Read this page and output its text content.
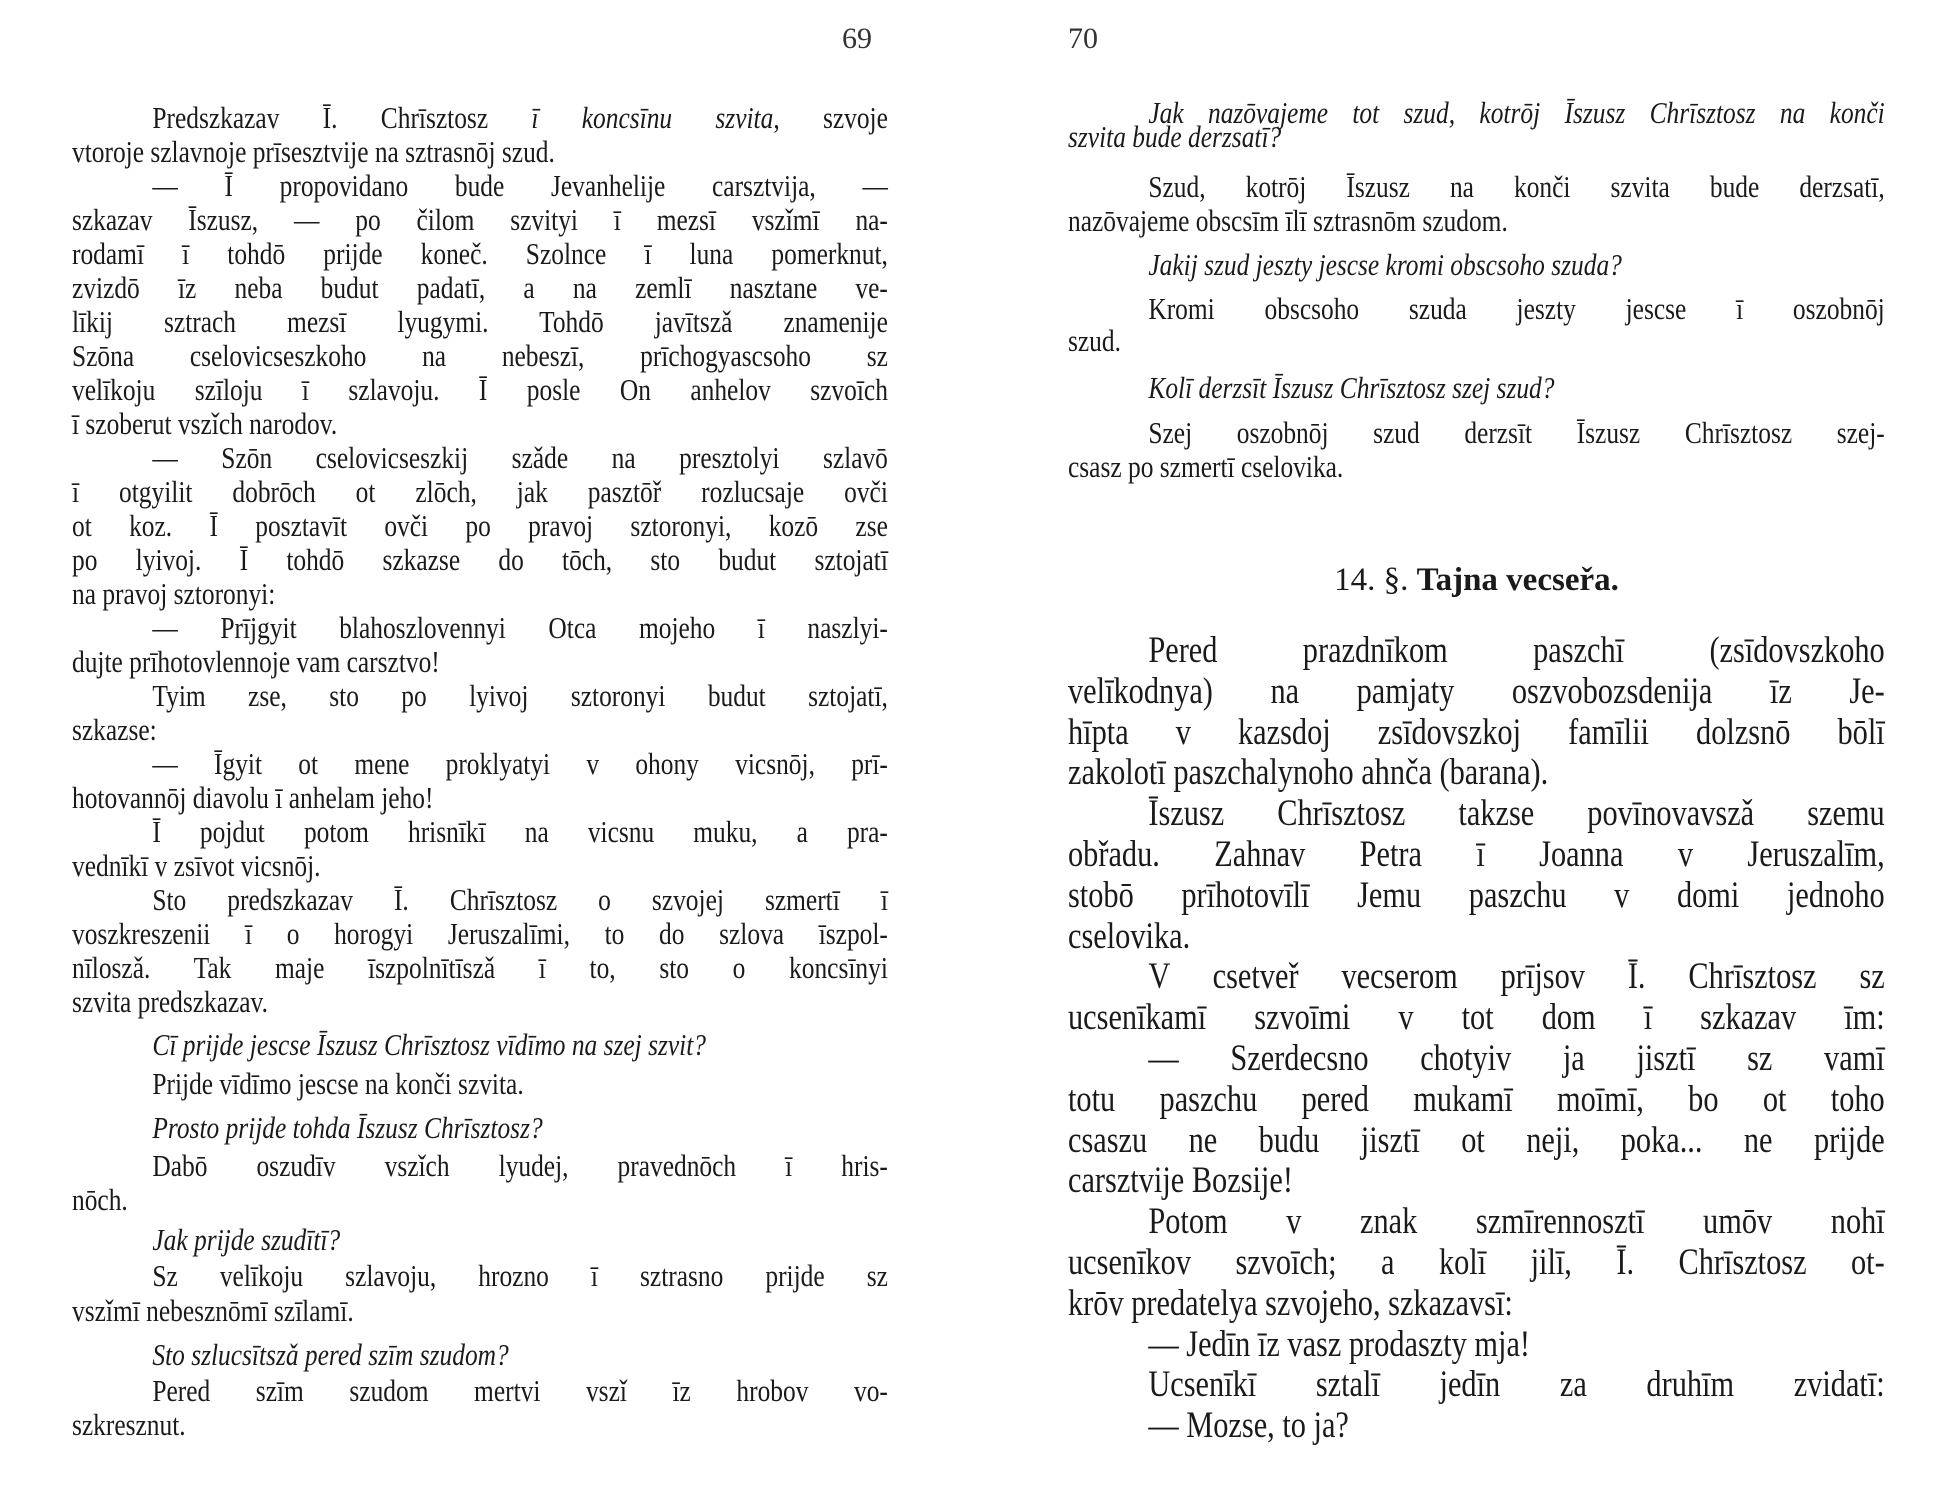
69
Predszkazav Ī. Chrīsztosz ī koncsīnu szvita, szvoje
vtoroje szlavnoje prīsesztvije na sztrasnōj szud.
— Ī propovidano bude Jevanhelije carsztvija, —
szkazav Īszusz, — po čilom szvityi ī mezsī vszǐmī na-
rodamī ī tohdō prijde koneč. Szolnce ī luna pomerknut,
zvizdō īz neba budut padatī, a na zemlī nasztane ve-
līkij sztrach mezsī lyugymi. Tohdō javītszǎ znamenije
Szōna cselovicseszkoho na nebeszī, prīchogyascsoho sz
velīkoju szīloju ī szlavoju. Ī posle On anhelov szvoīch
ī szoberut vszǐch narodov.
— Szōn cselovicseszkij szǎde na presztolyi szlavō
ī otgyilit dobrōch ot zlōch, jak pasztōř rozlucsaje ovči
ot koz. Ī posztavīt ovči po pravoj sztoronyi, kozō zse
po lyivoj. Ī tohdō szkazse do tōch, sto budut sztojatī
na pravoj sztoronyi:
— Prījgyit blahoszlovennyi Otca mojeho ī naszlyi-
dujte prīhotovlennoje vam carsztvo!
Tyim zse, sto po lyivoj sztoronyi budut sztojatī,
szkazse:
— Īgyit ot mene proklyatyi v ohony vicsnōj, prī-
hotovannōj diavolu ī anhelam jeho!
Ī pojdut potom hrisnīkī na vicsnu muku, a pra-
vednīkī v zsīvot vicsnōj.
Sto predszkazav Ī. Chrīsztosz o szvojej szmertī ī
voszkreszenii ī o horogyi Jeruszalīmi, to do szlova īszpol-
nīloszǎ. Tak maje īszpolnītīszǎ ī to, sto o koncsīnyi
szvita predszkazav.
Cī prijde jescse Īszusz Chrīsztosz vīdīmo na szej szvit?
Prijde vīdīmo jescse na konči szvita.
Prosto prijde tohda Īszusz Chrīsztosz?
Dabō oszudīv vszǐch lyudej, pravednōch ī hris-
nōch.
Jak prijde szudītī?
Sz velīkoju szlavoju, hrozno ī sztrasno prijde sz
vszǐmī nebesznōmī szīlamī.
Sto szlucsītszǎ pered szīm szudom?
Pered szīm szudom mertvi vszǐ īz hrobov vo-
szkresznut.
70
14. §. Tajna vecseřa.
Jak nazōvajeme tot szud, kotrōj Īszusz Chrīsztosz na konči
szvita bude derzsatī?
Szud, kotrōj Īszusz na konči szvita bude derzsatī,
nazōvajeme obscsīm īlī sztrasnōm szudom.
Jakij szud jeszty jescse kromi obscsoho szuda?
Kromi obscsoho szuda jeszty jescse ī oszobnōj
szud.
Kolī derzsīt Īszusz Chrīsztosz szej szud?
Szej oszobnōj szud derzsīt Īszusz Chrīsztosz szej-
csasz po szmertī cselovika.
Pered prazdnīkom paszchī (zsīdovszkoho
velīkodnya) na pamjaty oszvobozsdenija īz Je-
hīpta v kazsdoj zsīdovszkoj famīlii dolzsnō bōlī
zakolotī paszchalynoho ahnča (barana).
Īszusz Chrīsztosz takzse povīnovavszǎ szemu
obřadu. Zahnav Petra ī Joanna v Jeruszalīm,
stobō prīhotovīlī Jemu paszchu v domi jednoho
cselovika.
V csetveř vecserom prījsov Ī. Chrīsztosz sz
ucsenīkamī szvoīmi v tot dom ī szkazav īm:
— Szerdecsno chotyiv ja jisztī sz vamī
totu paszchu pered mukamī moīmī, bo ot toho
csaszu ne budu jisztī ot neji, poka... ne prijde
carsztvije Bozsije!
Potom v znak szmīrennosztī umōv nohī
ucsenīkov szvoīch; a kolī jilī, Ī. Chrīsztosz ot-
krōv predatelya szvojeho, szkazavsī:
— Jedīn īz vasz prodaszty mja!
Ucsenīkī sztalī jedīn za druhīm zvidatī:
— Mozse, to ja?
